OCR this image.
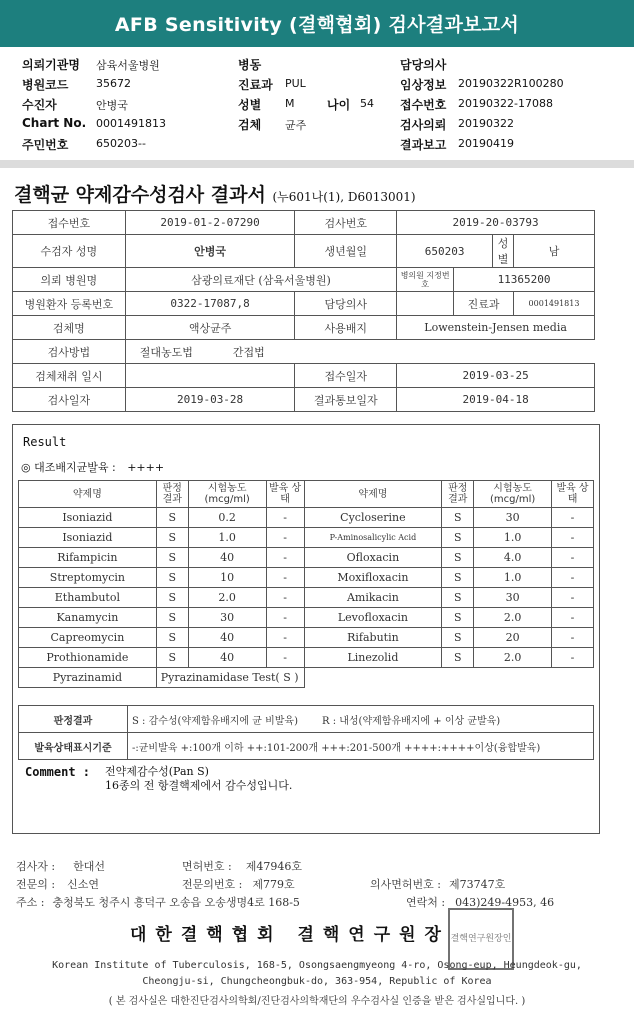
AFB Sensitivity (결핵협회) 검사결과보고서
의뢰기관명 삼육서울병원
병원코드	35672
수진자	안병국
Chart No. 0001491813
주민번호	650203--
병동
진료과 PUL
성별 M	나이 54
검체 균주
담당의사
임상정보 20190322R100280
접수번호 20190322-17088
검사의뢰 20190322
결과보고 20190419
결핵균 약제감수성검사 결과서 (누601나(1), D6013001)
접수번호	2019-01-2-07290	검사번호	2019-20-03793			
수검자 성명	안병국	생년월일	650203		성별	남
의뢰 병원명	삼광의료재단 (삼육서울병원)		병의원 지정번호	11365200		
병원환자 등록번호	0322-17087,8	담당의사		진료과		0001491813
검체명	액상균주	사용배지	Lowenstein-Jensen media			
검사방법	절대농도법 간접법					
검체채취 일시		접수일자	2019-03-25			
검사일자	2019-03-28	결과통보일자	2019-04-18			
Result
◎ 대조배지균발육 : ++++
약제명	판정 결과	시험농도 (mcg/ml)	발육 상태	약제명	판정 결과	시험농도 (mcg/ml)	발육 상태
Isoniazid	S	0.2	-	Cycloserine	S	30	-
Isoniazid	S	1.0	-	P-Aminosalicylic Acid	S	1.0	-
Rifampicin	S	40	-	Ofloxacin	S	4.0	-
Streptomycin	S	10	-	Moxifloxacin	S	1.0	-
Ethambutol	S	2.0	-	Amikacin	S	30	-
Kanamycin	S	30	-	Levofloxacin	S	2.0	-
Capreomycin	S	40	-	Rifabutin	S	20	-
Prothionamide	S	40	-	Linezolid	S	2.0	-
Pyrazinamid	Pyrazinamidase Test( S )						
판정결과	S : 감수성(약제함유배지에 균 비발육) R : 내성(약제함유배지에 + 이상 균발육)
발육상태표시기준	-:균비발육 +:100개 이하 ++:101-200개 +++:201-500개 ++++:++++이상(융합발육)
Comment : 전약제감수성(Pan S)
16종의 전 항결핵제에서 감수성입니다.
검사자 : 한대선	면허번호 : 제47946호
전문의 : 신소연	전문의번호 : 제779호	의사면허번호 : 제73747호
주소 : 충청북도 청주시 흥덕구 오송읍 오송생명4로 168-5	연락처 : 043)249-4953, 46
대한결핵협회 결핵연구원장 결핵연구원장인
Korean Institute of Tuberculosis, 168-5, Osongsaengmyeong 4-ro, Osong-eup, Heungdeok-gu,
Cheongju-si, Chungcheongbuk-do, 363-954, Republic of Korea
( 본 검사실은 대한진단검사의학회/진단검사의학재단의 우수검사실 인증을 받은 검사실입니다. )
